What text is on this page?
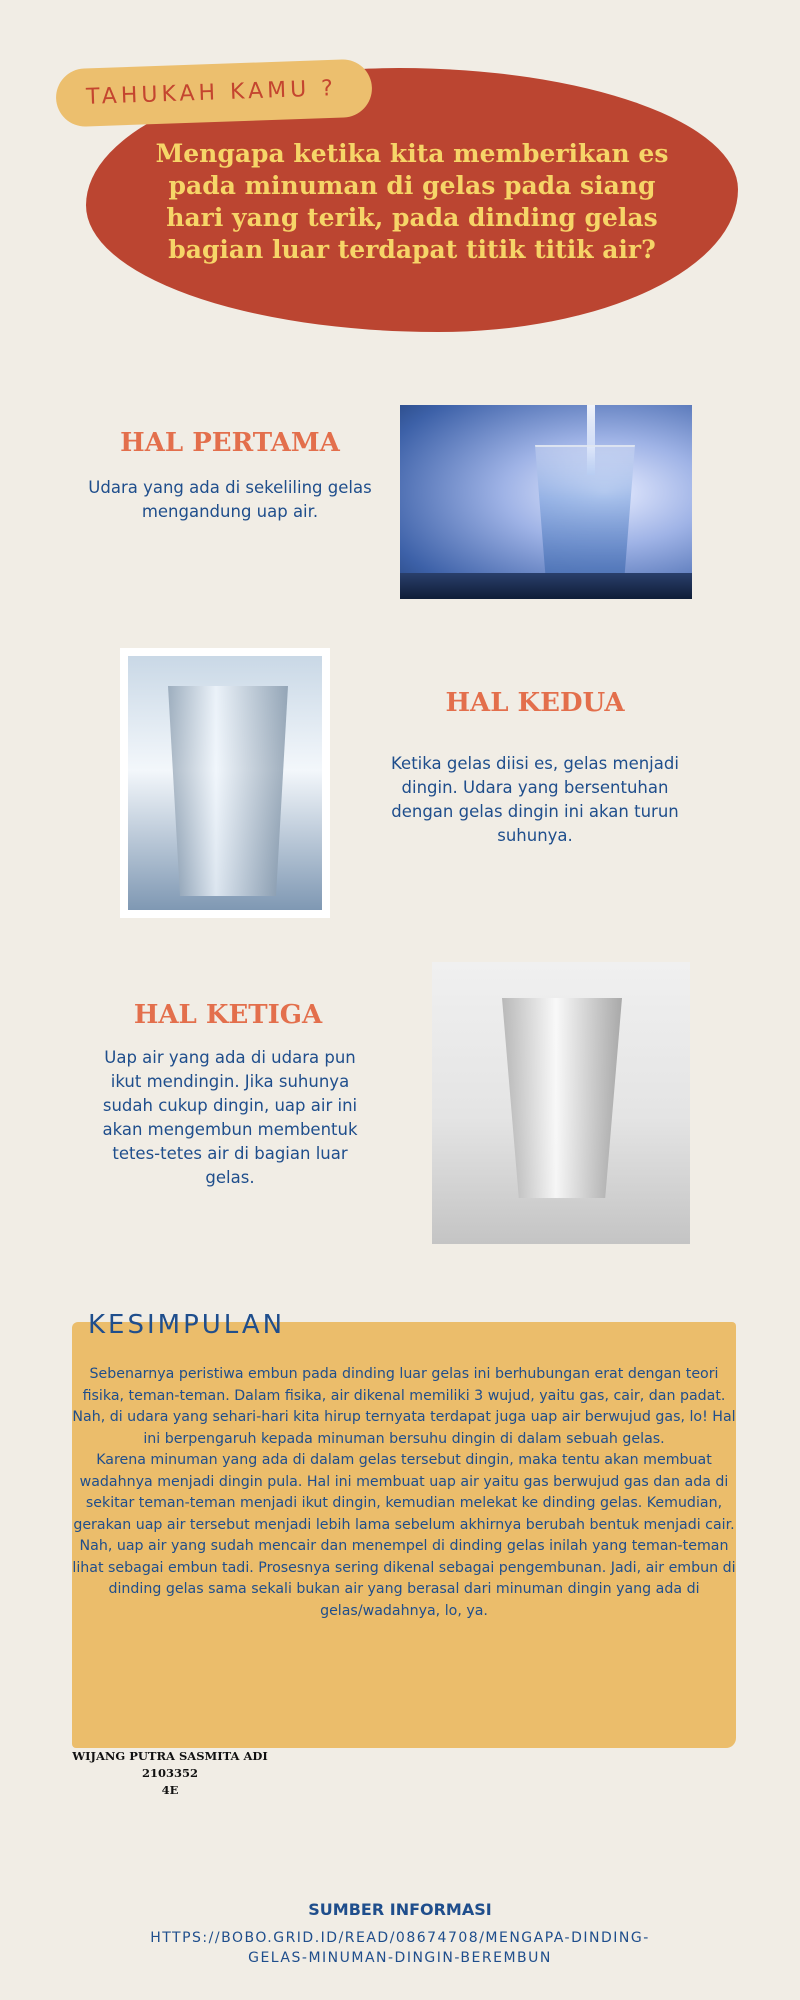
TAHUKAH KAMU ?
Mengapa ketika kita memberikan es pada minuman di gelas pada siang hari yang terik, pada dinding gelas bagian luar terdapat titik titik air?
HAL PERTAMA
Udara yang ada di sekeliling gelas mengandung uap air.
HAL KEDUA
Ketika gelas diisi es, gelas menjadi dingin. Udara yang bersentuhan dengan gelas dingin ini akan turun suhunya.
HAL KETIGA
Uap air yang ada di udara pun ikut mendingin. Jika suhunya sudah cukup dingin, uap air ini akan mengembun membentuk tetes-tetes air di bagian luar gelas.
KESIMPULAN
Sebenarnya peristiwa embun pada dinding luar gelas ini berhubungan erat dengan teori fisika, teman-teman. Dalam fisika, air dikenal memiliki 3 wujud, yaitu gas, cair, dan padat. Nah, di udara yang sehari-hari kita hirup ternyata terdapat juga uap air berwujud gas, lo! Hal ini berpengaruh kepada minuman bersuhu dingin di dalam sebuah gelas.
Karena minuman yang ada di dalam gelas tersebut dingin, maka tentu akan membuat wadahnya menjadi dingin pula. Hal ini membuat uap air yaitu gas berwujud gas dan ada di sekitar teman-teman menjadi ikut dingin, kemudian melekat ke dinding gelas. Kemudian, gerakan uap air tersebut menjadi lebih lama sebelum akhirnya berubah bentuk menjadi cair.
Nah, uap air yang sudah mencair dan menempel di dinding gelas inilah yang teman-teman lihat sebagai embun tadi. Prosesnya sering dikenal sebagai pengembunan. Jadi, air embun di dinding gelas sama sekali bukan air yang berasal dari minuman dingin yang ada di gelas/wadahnya, lo, ya.
WIJANG PUTRA SASMITA ADI
2103352
4E
SUMBER INFORMASI
HTTPS://BOBO.GRID.ID/READ/08674708/MENGAPA-DINDING-GELAS-MINUMAN-DINGIN-BEREMBUN
